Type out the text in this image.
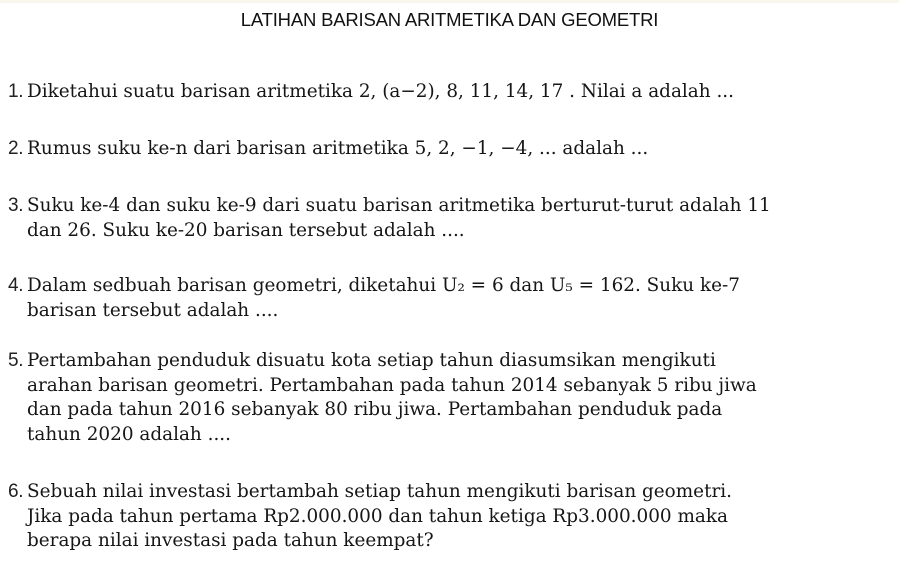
LATIHAN BARISAN ARITMETIKA DAN GEOMETRI
1. Diketahui suatu barisan aritmetika 2, (a−2), 8, 11, 14, 17 . Nilai a adalah ...
2. Rumus suku ke-n dari barisan aritmetika 5, 2, −1, −4, ... adalah ...
3. Suku ke-4 dan suku ke-9 dari suatu barisan aritmetika berturut-turut adalah 11
dan 26. Suku ke-20 barisan tersebut adalah ....
4. Dalam sedbuah barisan geometri, diketahui U₂ = 6 dan U₅ = 162. Suku ke-7
barisan tersebut adalah ....
5. Pertambahan penduduk disuatu kota setiap tahun diasumsikan mengikuti
arahan barisan geometri. Pertambahan pada tahun 2014 sebanyak 5 ribu jiwa
dan pada tahun 2016 sebanyak 80 ribu jiwa. Pertambahan penduduk pada
tahun 2020 adalah ....
6. Sebuah nilai investasi bertambah setiap tahun mengikuti barisan geometri.
Jika pada tahun pertama Rp2.000.000 dan tahun ketiga Rp3.000.000 maka
berapa nilai investasi pada tahun keempat?
